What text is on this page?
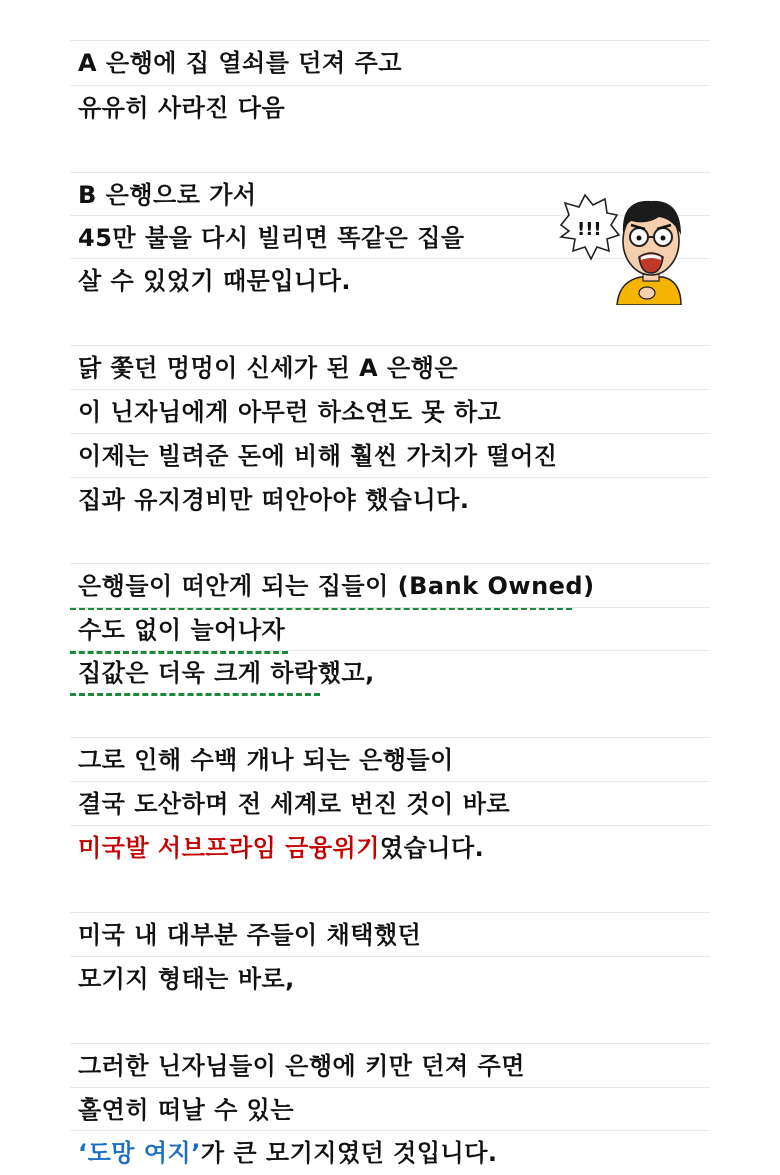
A 은행에 집 열쇠를 던져 주고
유유히 사라진 다음
B 은행으로 가서
45만 불을 다시 빌리면 똑같은 집을
살 수 있었기 때문입니다.
닭 쫓던 멍멍이 신세가 된 A 은행은
이 닌자님에게 아무런 하소연도 못 하고
이제는 빌려준 돈에 비해 훨씬 가치가 떨어진
집과 유지경비만 떠안아야 했습니다.
은행들이 떠안게 되는 집들이 (Bank Owned)
수도 없이 늘어나자
집값은 더욱 크게 하락했고,
그로 인해 수백 개나 되는 은행들이
결국 도산하며 전 세계로 번진 것이 바로
미국발 서브프라임 금융위기였습니다.
미국 내 대부분 주들이 채택했던
모기지 형태는 바로,
그러한 닌자님들이 은행에 키만 던져 주면
홀연히 떠날 수 있는
‘도망 여지’가 큰 모기지였던 것입니다.
!!!
